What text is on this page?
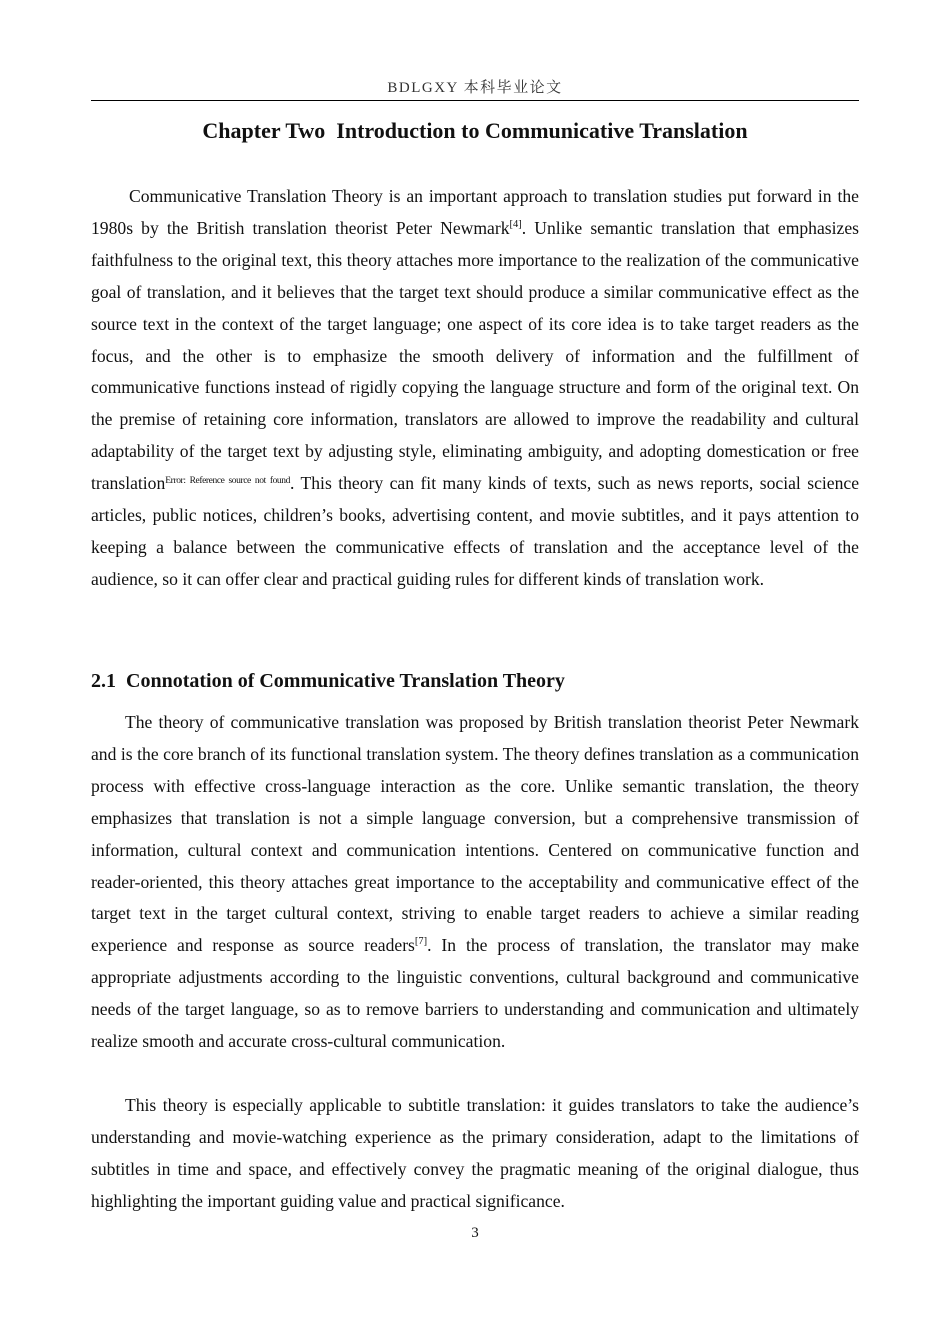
BDLGXY 本科毕业论文
Chapter Two  Introduction to Communicative Translation

Communicative Translation Theory is an important approach to translation studies put forward in the 1980s by the British translation theorist Peter Newmark[4]. Unlike semantic translation that emphasizes faithfulness to the original text, this theory attaches more importance to the realization of the communicative goal of translation, and it believes that the target text should produce a similar communicative effect as the source text in the context of the target language; one aspect of its core idea is to take target readers as the focus, and the other is to emphasize the smooth delivery of information and the fulfillment of communicative functions instead of rigidly copying the language structure and form of the original text. On the premise of retaining core information, translators are allowed to improve the readability and cultural adaptability of the target text by adjusting style, eliminating ambiguity, and adopting domestication or free translation$^{Error: Reference source not found}$. This theory can fit many kinds of texts, such as news reports, social science articles, public notices, children’s books, advertising content, and movie subtitles, and it pays attention to keeping a balance between the communicative effects of translation and the acceptance level of the audience, so it can offer clear and practical guiding rules for different kinds of translation work.

2.1  Connotation of Communicative Translation Theory

The theory of communicative translation was proposed by British translation theorist Peter Newmark and is the core branch of its functional translation system. The theory defines translation as a communication process with effective cross-language interaction as the core. Unlike semantic translation, the theory emphasizes that translation is not a simple language conversion, but a comprehensive transmission of information, cultural context and communication intentions. Centered on communicative function and reader-oriented, this theory attaches great importance to the acceptability and communicative effect of the target text in the target cultural context, striving to enable target readers to achieve a similar reading experience and response as source readers[7]. In the process of translation, the translator may make appropriate adjustments according to the linguistic conventions, cultural background and communicative needs of the target language, so as to remove barriers to understanding and communication and ultimately realize smooth and accurate cross-cultural communication.

This theory is especially applicable to subtitle translation: it guides translators to take the audience’s understanding and movie-watching experience as the primary consideration, adapt to the limitations of subtitles in time and space, and effectively convey the pragmatic meaning of the original dialogue, thus highlighting the important guiding value and practical significance.

3
